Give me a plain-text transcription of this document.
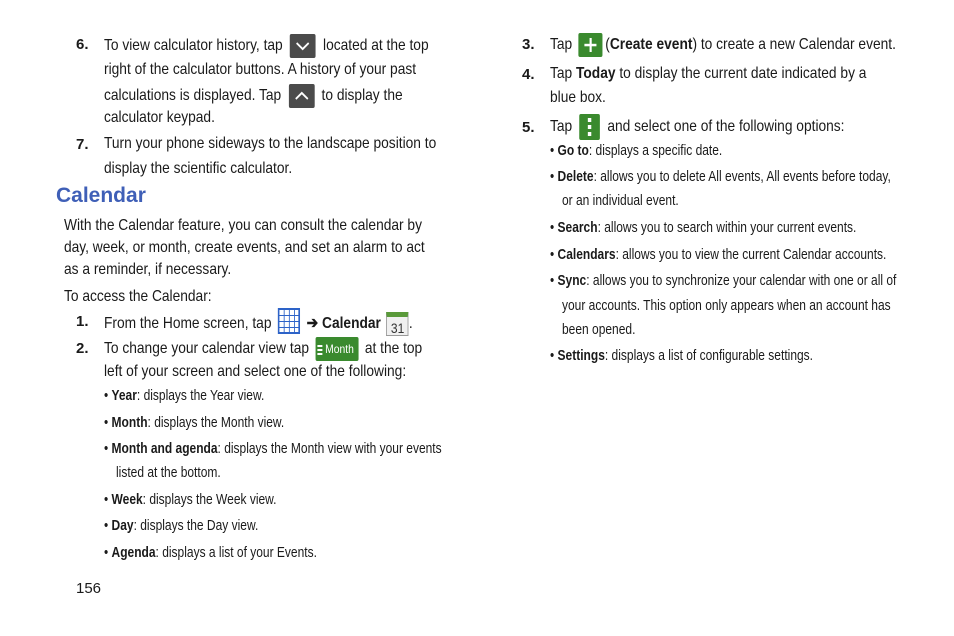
6. To view calculator history, tap	located at the top
right of the calculator buttons. A history of your past
calculations is displayed. Tap	to display the
calculator keypad.
7. Turn your phone sideways to the landscape position to
display the scientific calculator.
Calendar
With the Calendar feature, you can consult the calendar by
day, week, or month, create events, and set an alarm to act
as a reminder, if necessary.
To access the Calendar:
1. From the Home screen, tap ➔ Calendar 31 .
2. To change your calendar view tap Month at the top
left of your screen and select one of the following:
• Year: displays the Year view.
• Month: displays the Month view.
• Month and agenda: displays the Month view with your events
listed at the bottom.
• Week: displays the Week view.
• Day: displays the Day view.
• Agenda: displays a list of your Events.
3. Tap (Create event) to create a new Calendar event.
4. Tap Today to display the current date indicated by a
blue box.
5. Tap and select one of the following options:
• Go to: displays a specific date.
• Delete: allows you to delete All events, All events before today,
or an individual event.
• Search: allows you to search within your current events.
• Calendars: allows you to view the current Calendar accounts.
• Sync: allows you to synchronize your calendar with one or all of
your accounts. This option only appears when an account has
been opened.
• Settings: displays a list of configurable settings.
156
